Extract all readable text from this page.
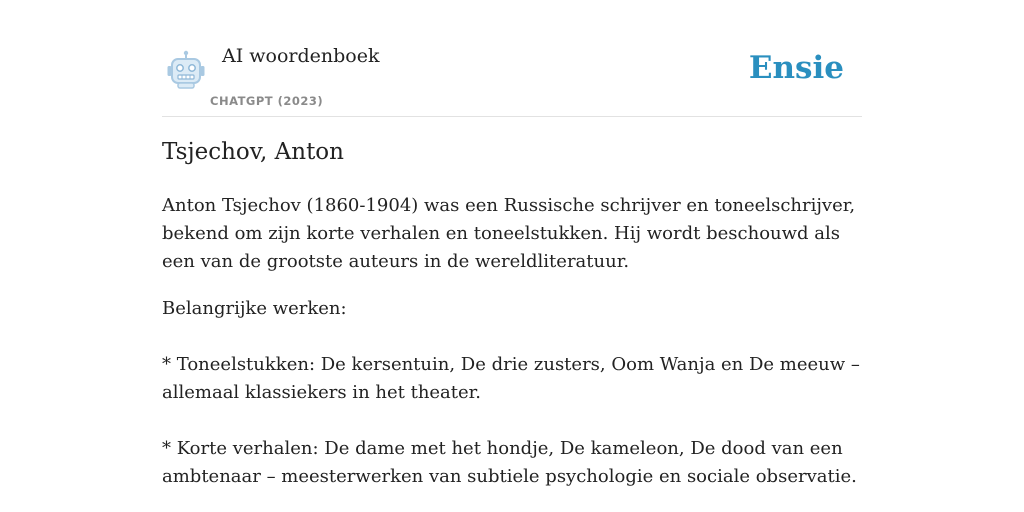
AI woordenboek
CHATGPT (2023)
Ensie
Tsjechov, Anton

Anton Tsjechov (1860-1904) was een Russische schrijver en toneelschrijver, bekend om zijn korte verhalen en toneelstukken. Hij wordt beschouwd als een van de grootste auteurs in de wereldliteratuur.

Belangrijke werken:
* Toneelstukken: De kersentuin, De drie zusters, Oom Wanja en De meeuw – allemaal klassiekers in het theater.
* Korte verhalen: De dame met het hondje, De kameleon, De dood van een ambtenaar – meesterwerken van subtiele psychologie en sociale observatie.
